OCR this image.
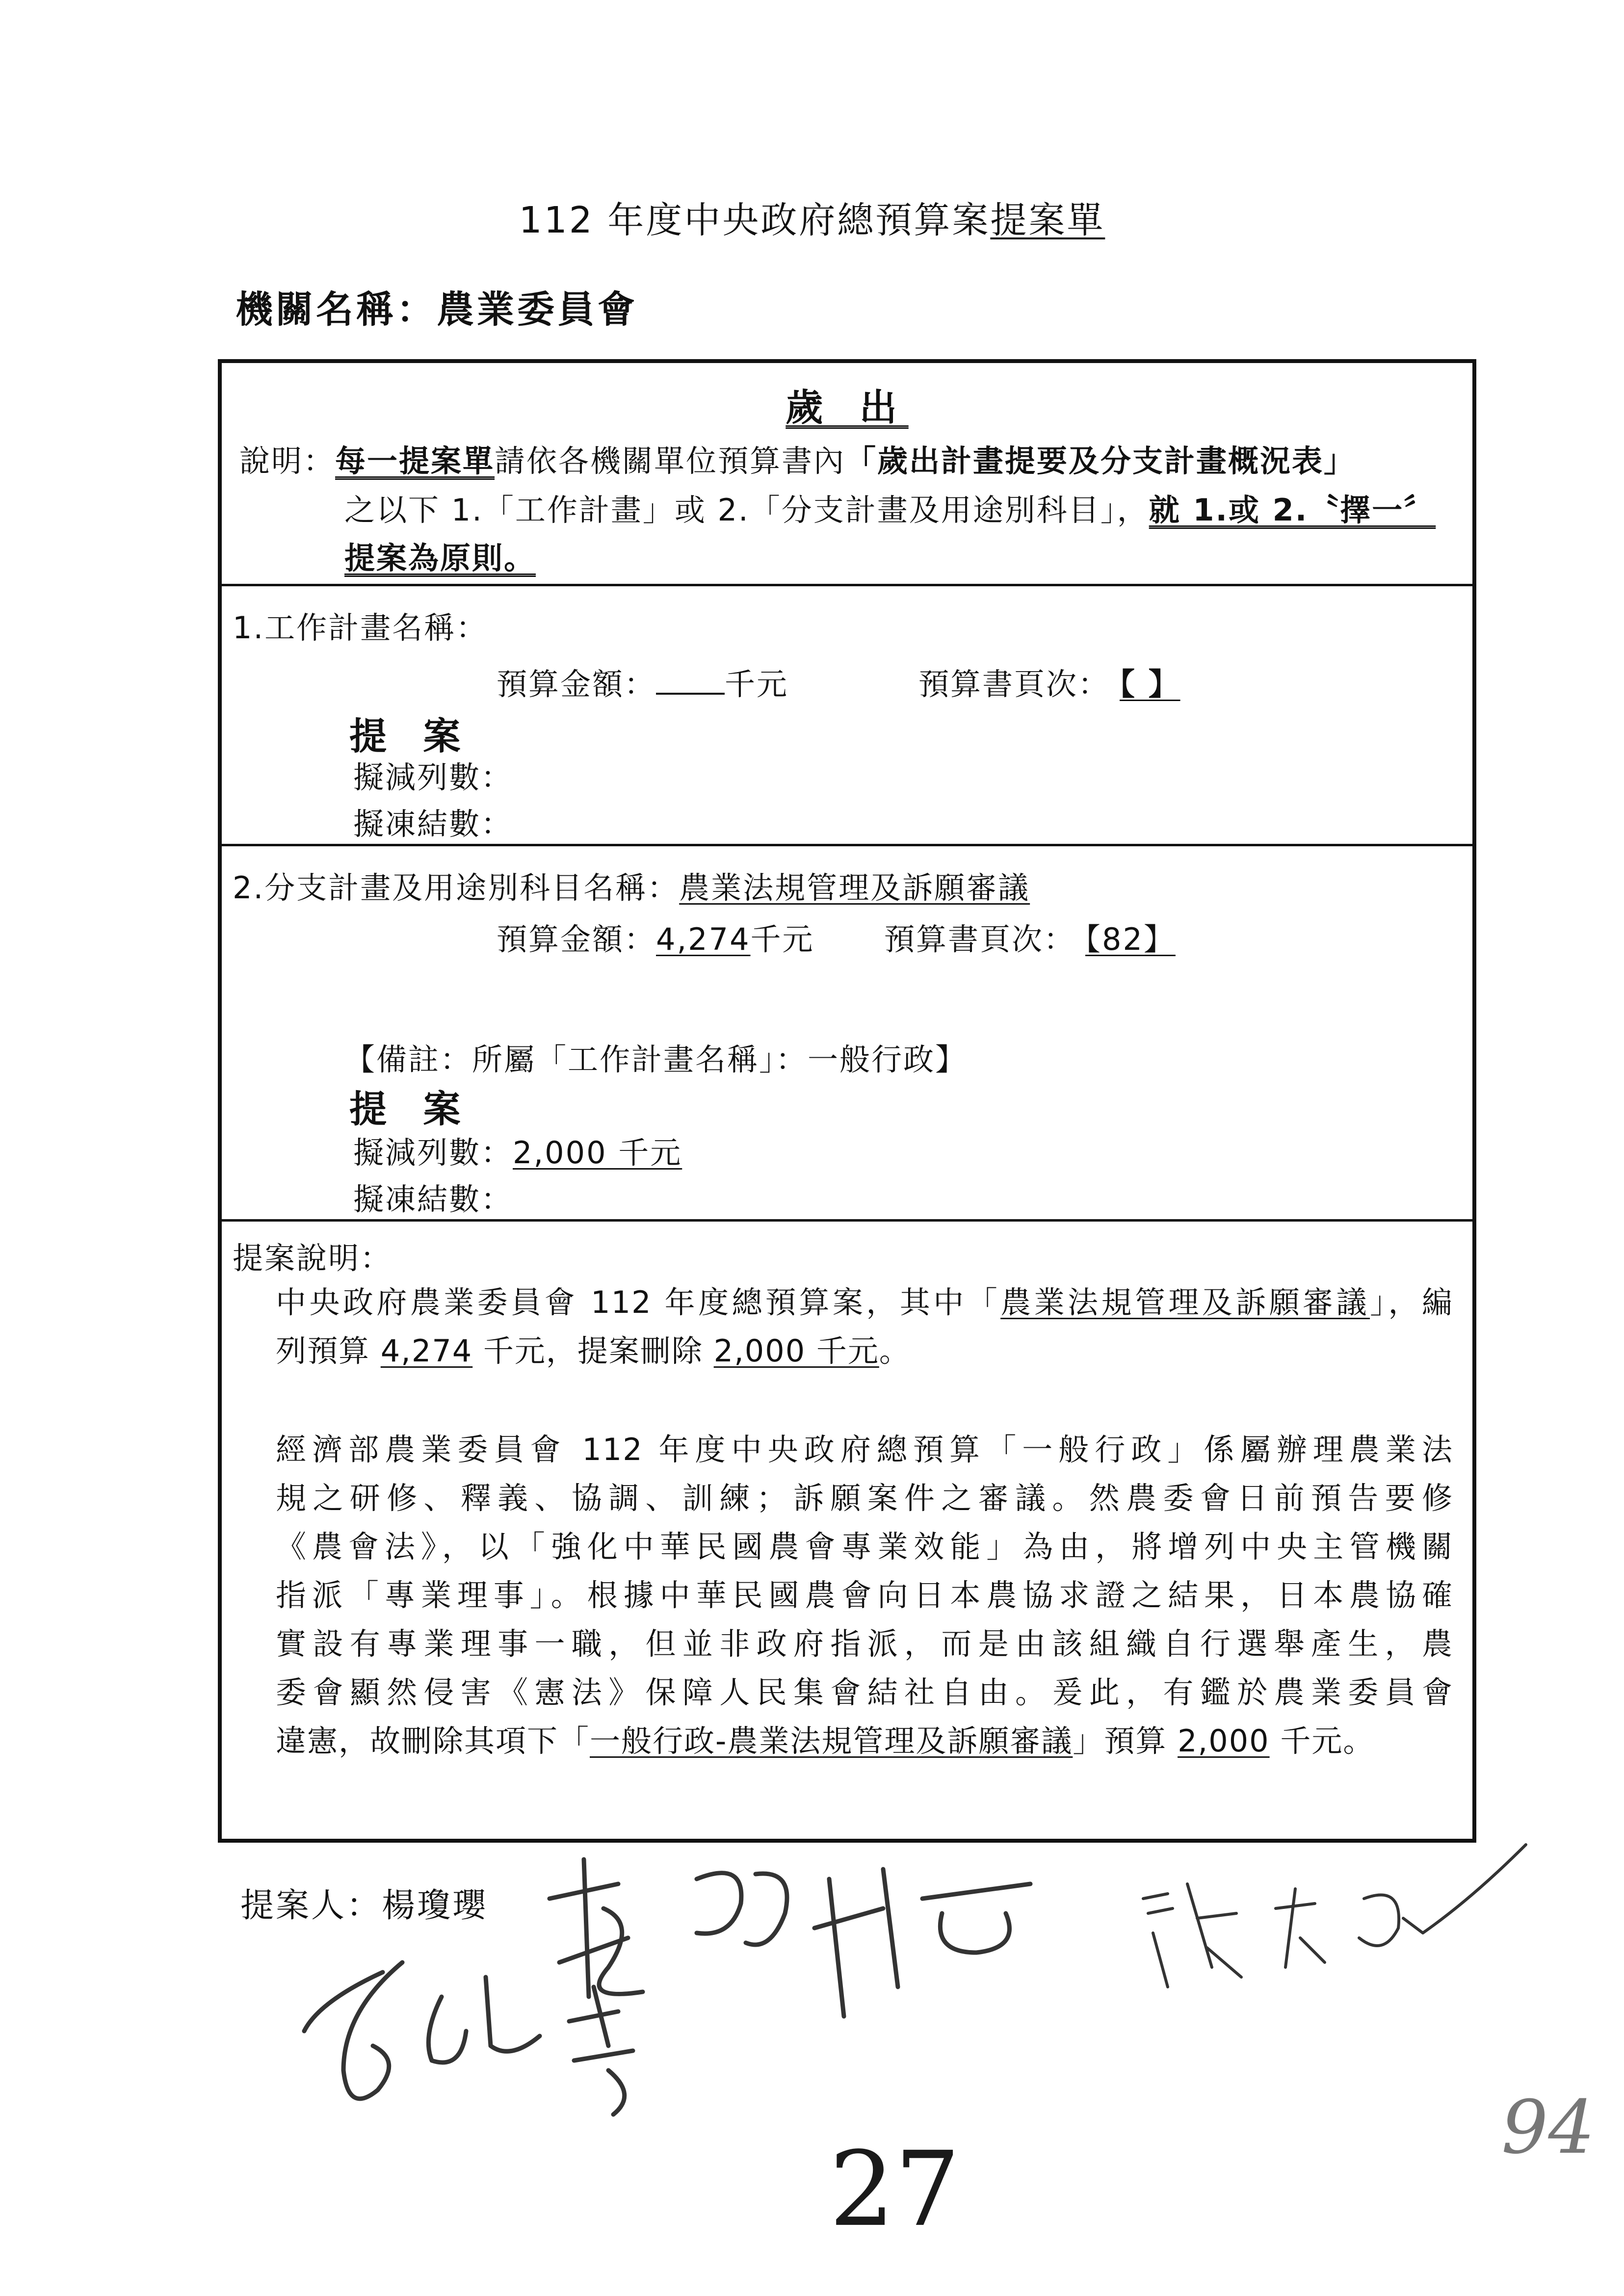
112 年度中央政府總預算案提案單
機關名稱：農業委員會
歲 出
說明：每一提案單請依各機關單位預算書內「歲出計畫提要及分支計畫概況表」
之以下 1.「工作計畫」或 2.「分支計畫及用途別科目」，就 1.或 2.〝擇一〞
提案為原則。
1.工作計畫名稱：
預算金額： 千元	預算書頁次： 【 】
提 案
擬減列數：
擬凍結數：
2.分支計畫及用途別科目名稱：農業法規管理及訴願審議
預算金額：4,274千元 預算書頁次： 【82】
【備註：所屬「工作計畫名稱」：一般行政】
提 案
擬減列數：2,000 千元
擬凍結數：
提案說明：
中央政府農業委員會 112 年度總預算案，其中「農業法規管理及訴願審議」，編
列預算 4,274 千元，提案刪除 2,000 千元。
經濟部農業委員會 112 年度中央政府總預算「一般行政」係屬辦理農業法
規之研修、釋義、協調、訓練；訴願案件之審議。然農委會日前預告要修
《農會法》，以「強化中華民國農會專業效能」為由，將增列中央主管機關
指派「專業理事」。根據中華民國農會向日本農協求證之結果，日本農協確
實設有專業理事一職，但並非政府指派，而是由該組織自行選舉產生，農
委會顯然侵害《憲法》保障人民集會結社自由。爰此，有鑑於農業委員會
違憲，故刪除其項下「一般行政-農業法規管理及訴願審議」預算 2,000 千元。
提案人：楊瓊瓔
27
94
